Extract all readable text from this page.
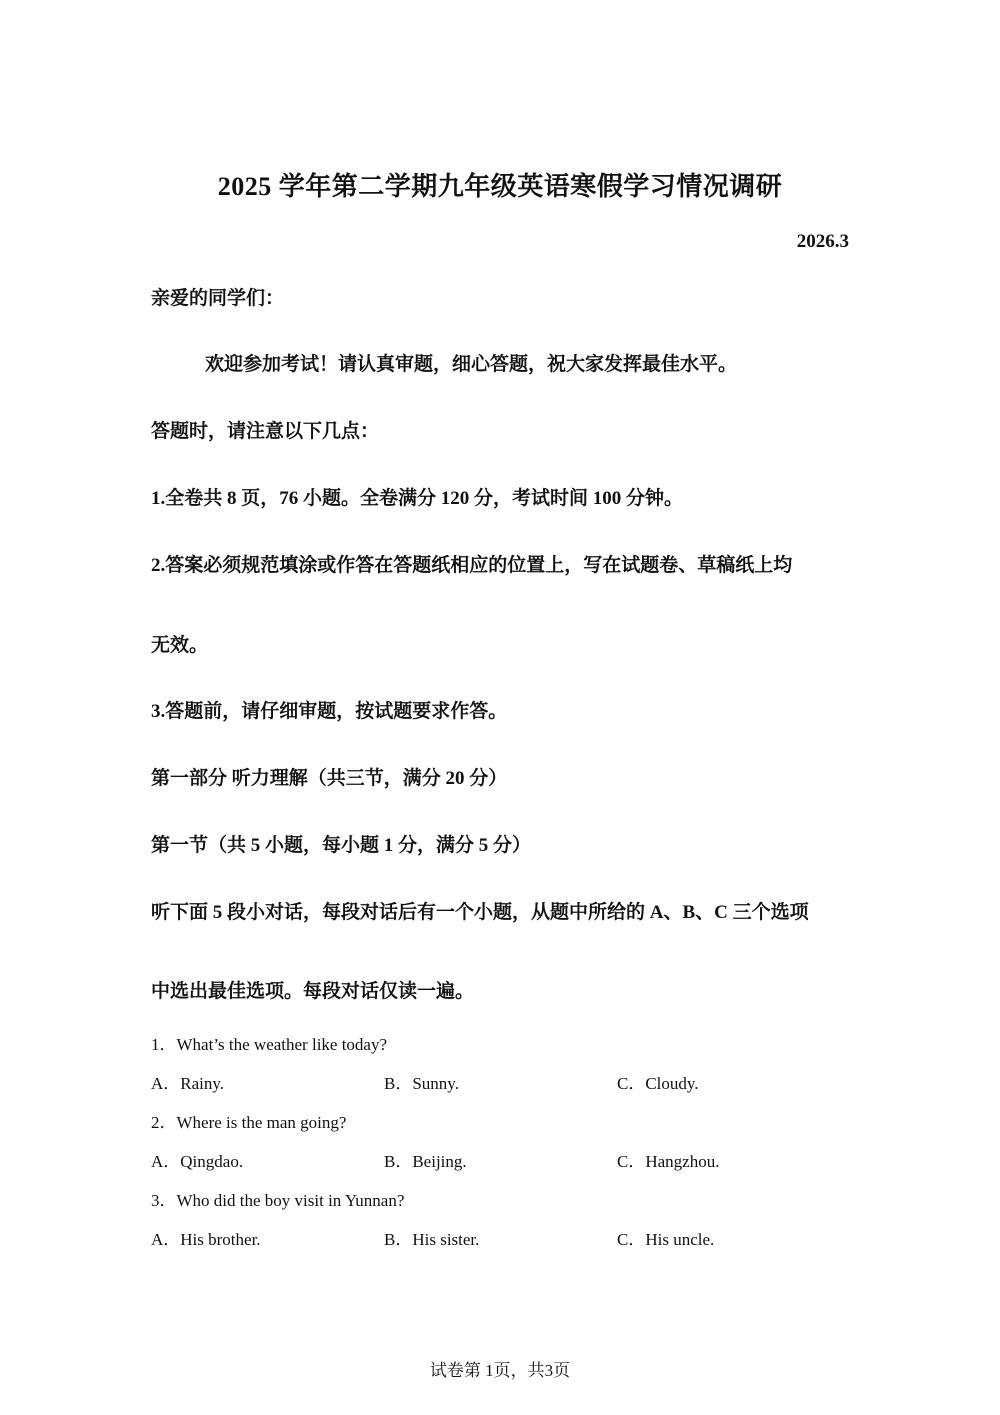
2025 学年第二学期九年级英语寒假学习情况调研
2026.3
亲爱的同学们：
欢迎参加考试！请认真审题，细心答题，祝大家发挥最佳水平。
答题时，请注意以下几点：
1.全卷共 8 页，76 小题。全卷满分 120 分，考试时间 100 分钟。
2.答案必须规范填涂或作答在答题纸相应的位置上，写在试题卷、草稿纸上均
无效。
3.答题前，请仔细审题，按试题要求作答。
第一部分 听力理解（共三节，满分 20 分）
第一节（共 5 小题，每小题 1 分，满分 5 分）
听下面 5 段小对话，每段对话后有一个小题，从题中所给的 A、B、C 三个选项
中选出最佳选项。每段对话仅读一遍。
1．What’s the weather like today?
A．Rainy.	B．Sunny.	C．Cloudy.
2．Where is the man going?
A．Qingdao.	B．Beijing.	C．Hangzhou.
3．Who did the boy visit in Yunnan?
A．His brother.	B．His sister.	C．His uncle.
试卷第 1页，共3页
